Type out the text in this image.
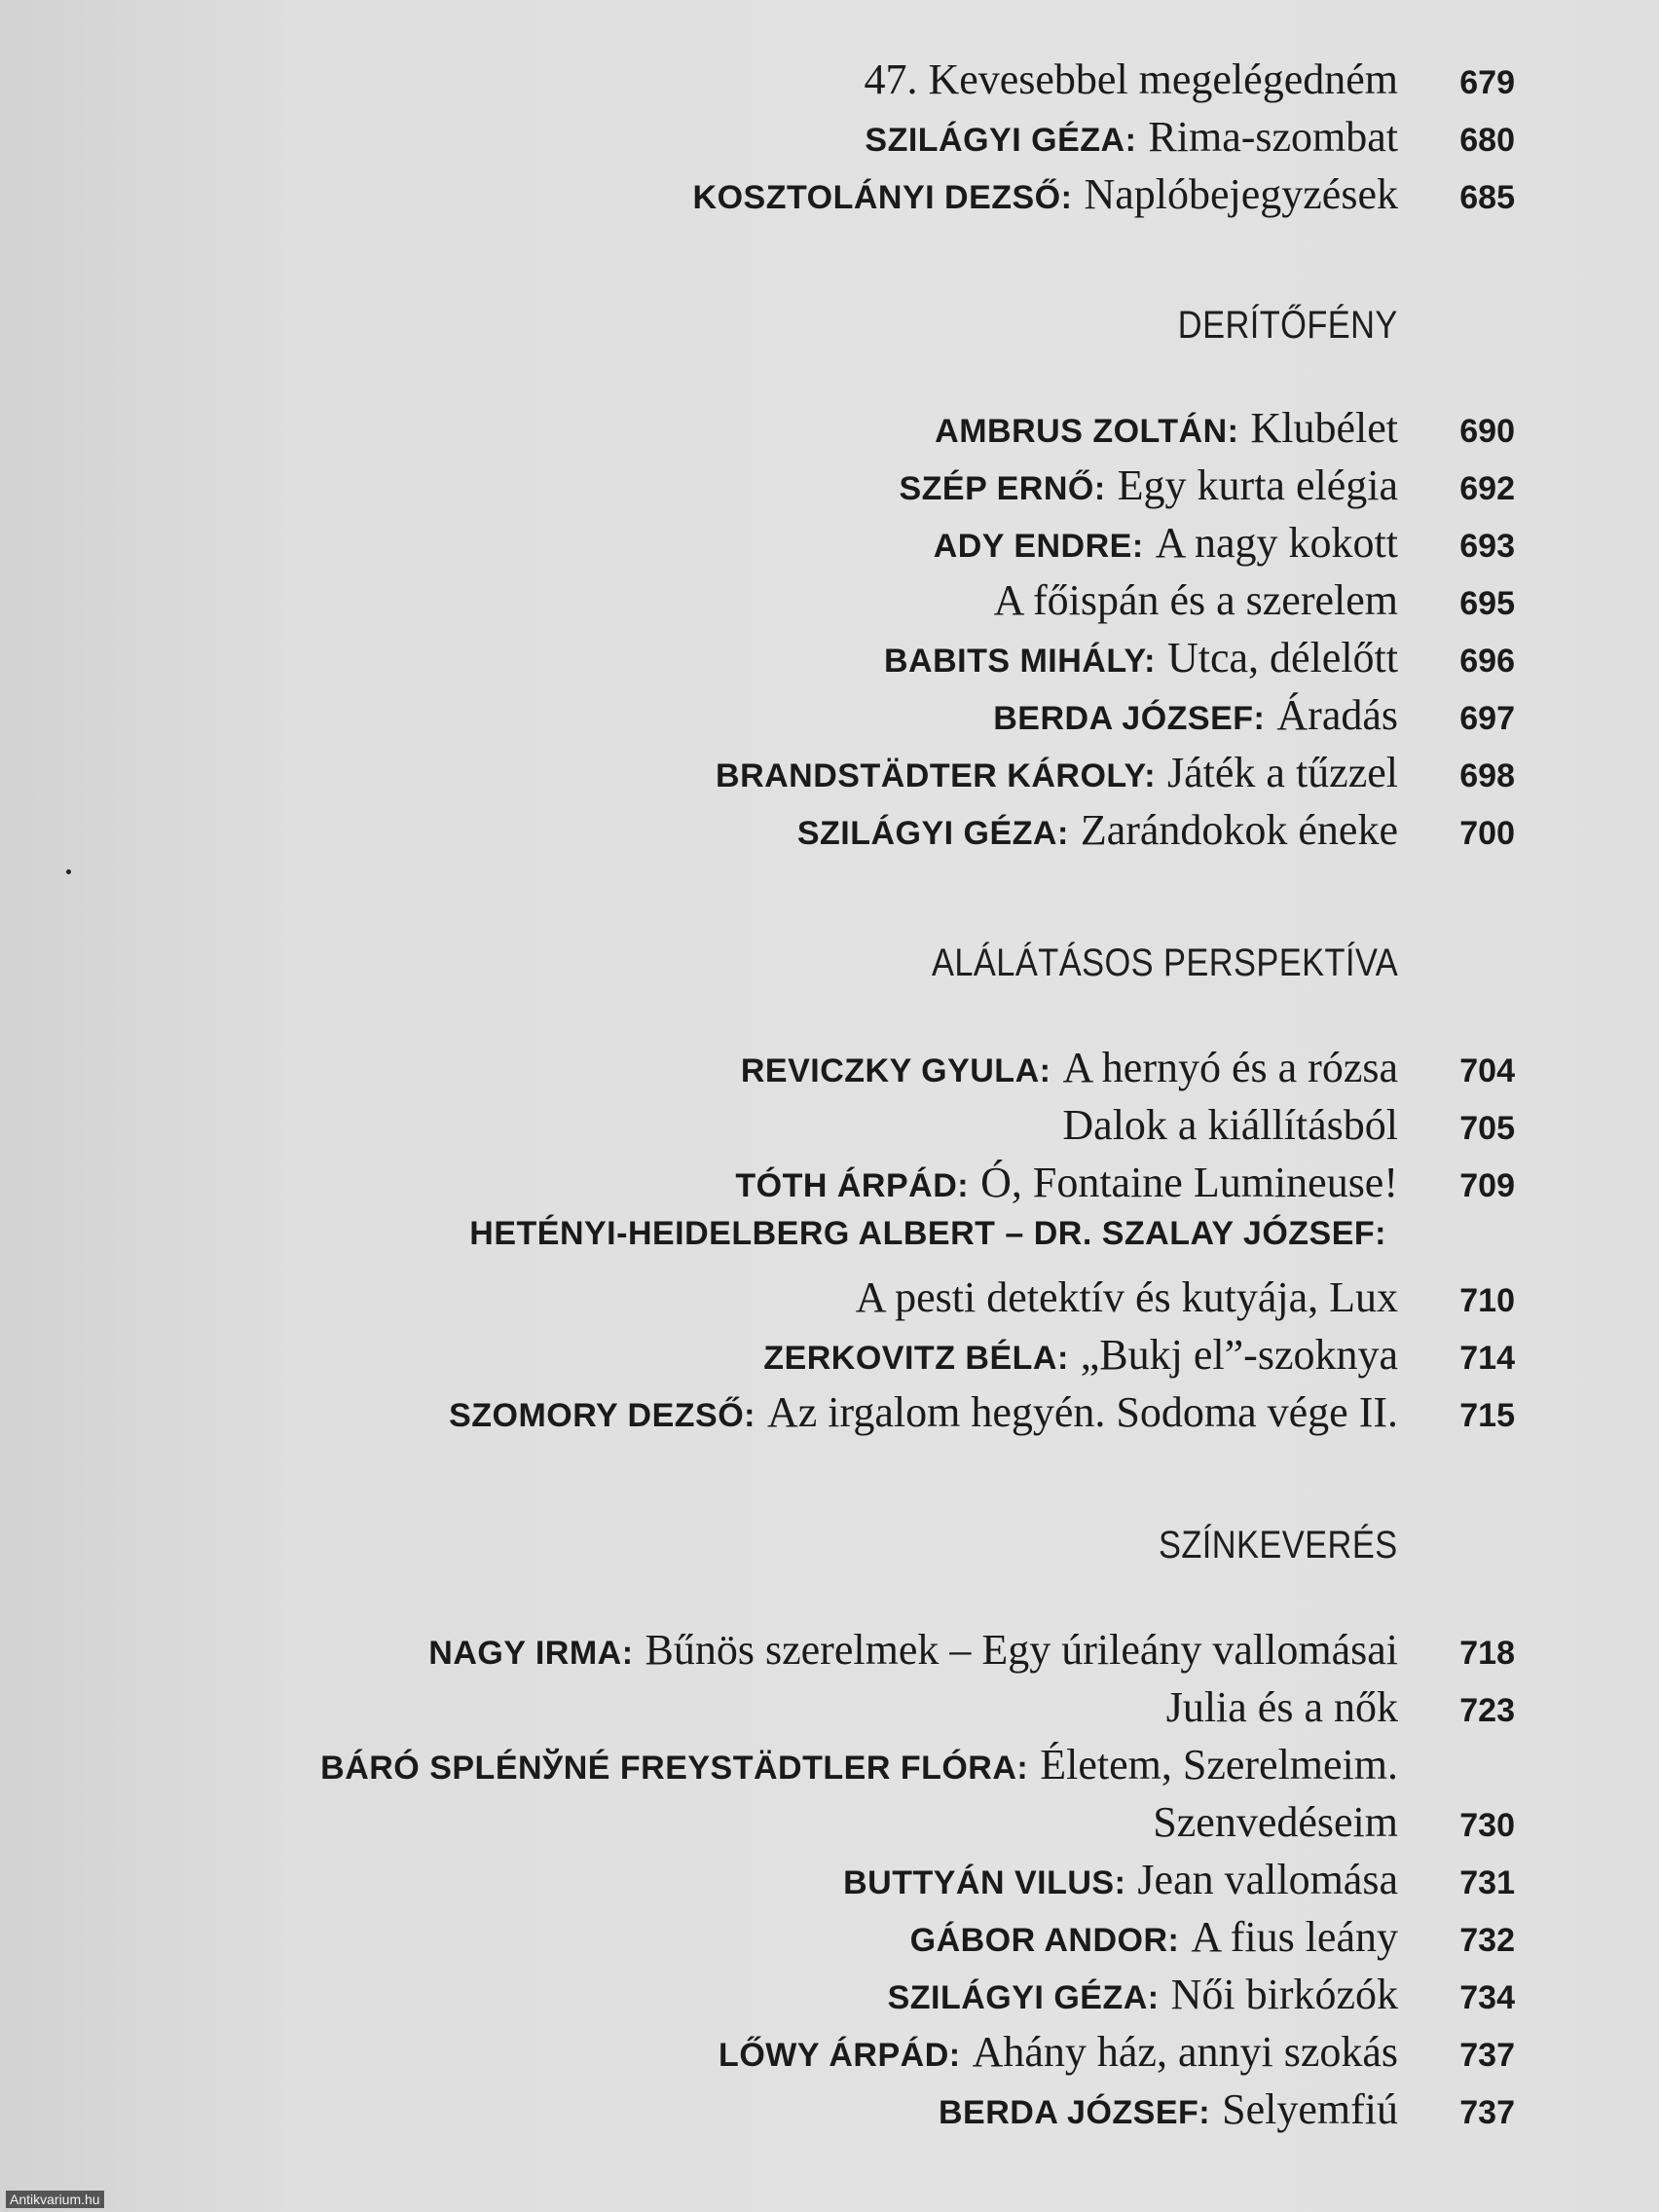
47. Kevesebbel megelégedném	679
SZILÁGYI GÉZA: Rima-szombat	680
KOSZTOLÁNYI DEZSŐ: Naplóbejegyzések	685
DERÍTŐFÉNY
AMBRUS ZOLTÁN: Klubélet	690
SZÉP ERNŐ: Egy kurta elégia	692
ADY ENDRE: A nagy kokott	693
A főispán és a szerelem	695
BABITS MIHÁLY: Utca, délelőtt	696
BERDA JÓZSEF: Áradás	697
BRANDSTÄDTER KÁROLY: Játék a tűzzel	698
SZILÁGYI GÉZA: Zarándokok éneke	700
ALÁLÁTÁSOS PERSPEKTÍVA
REVICZKY GYULA: A hernyó és a rózsa	704
Dalok a kiállításból	705
TÓTH ÁRPÁD: Ó, Fontaine Lumineuse!	709
HETÉNYI-HEIDELBERG ALBERT – DR. SZALAY JÓZSEF:
A pesti detektív és kutyája, Lux	710
ZERKOVITZ BÉLA: „Bukj el”-szoknya	714
SZOMORY DEZSŐ: Az irgalom hegyén. Sodoma vége II.	715
SZÍNKEVERÉS
NAGY IRMA: Bűnös szerelmek – Egy úrileány vallomásai	718
Julia és a nők	723
BÁRÓ SPLÉNЎNÉ FREYSTÄDTLER FLÓRA: Életem, Szerelmeim.
Szenvedéseim	730
BUTTYÁN VILUS: Jean vallomása	731
GÁBOR ANDOR: A fius leány	732
SZILÁGYI GÉZA: Női birkózók	734
LŐWY ÁRPÁD: Ahány ház, annyi szokás	737
BERDA JÓZSEF: Selyemfiú	737
Antikvarium.hu
